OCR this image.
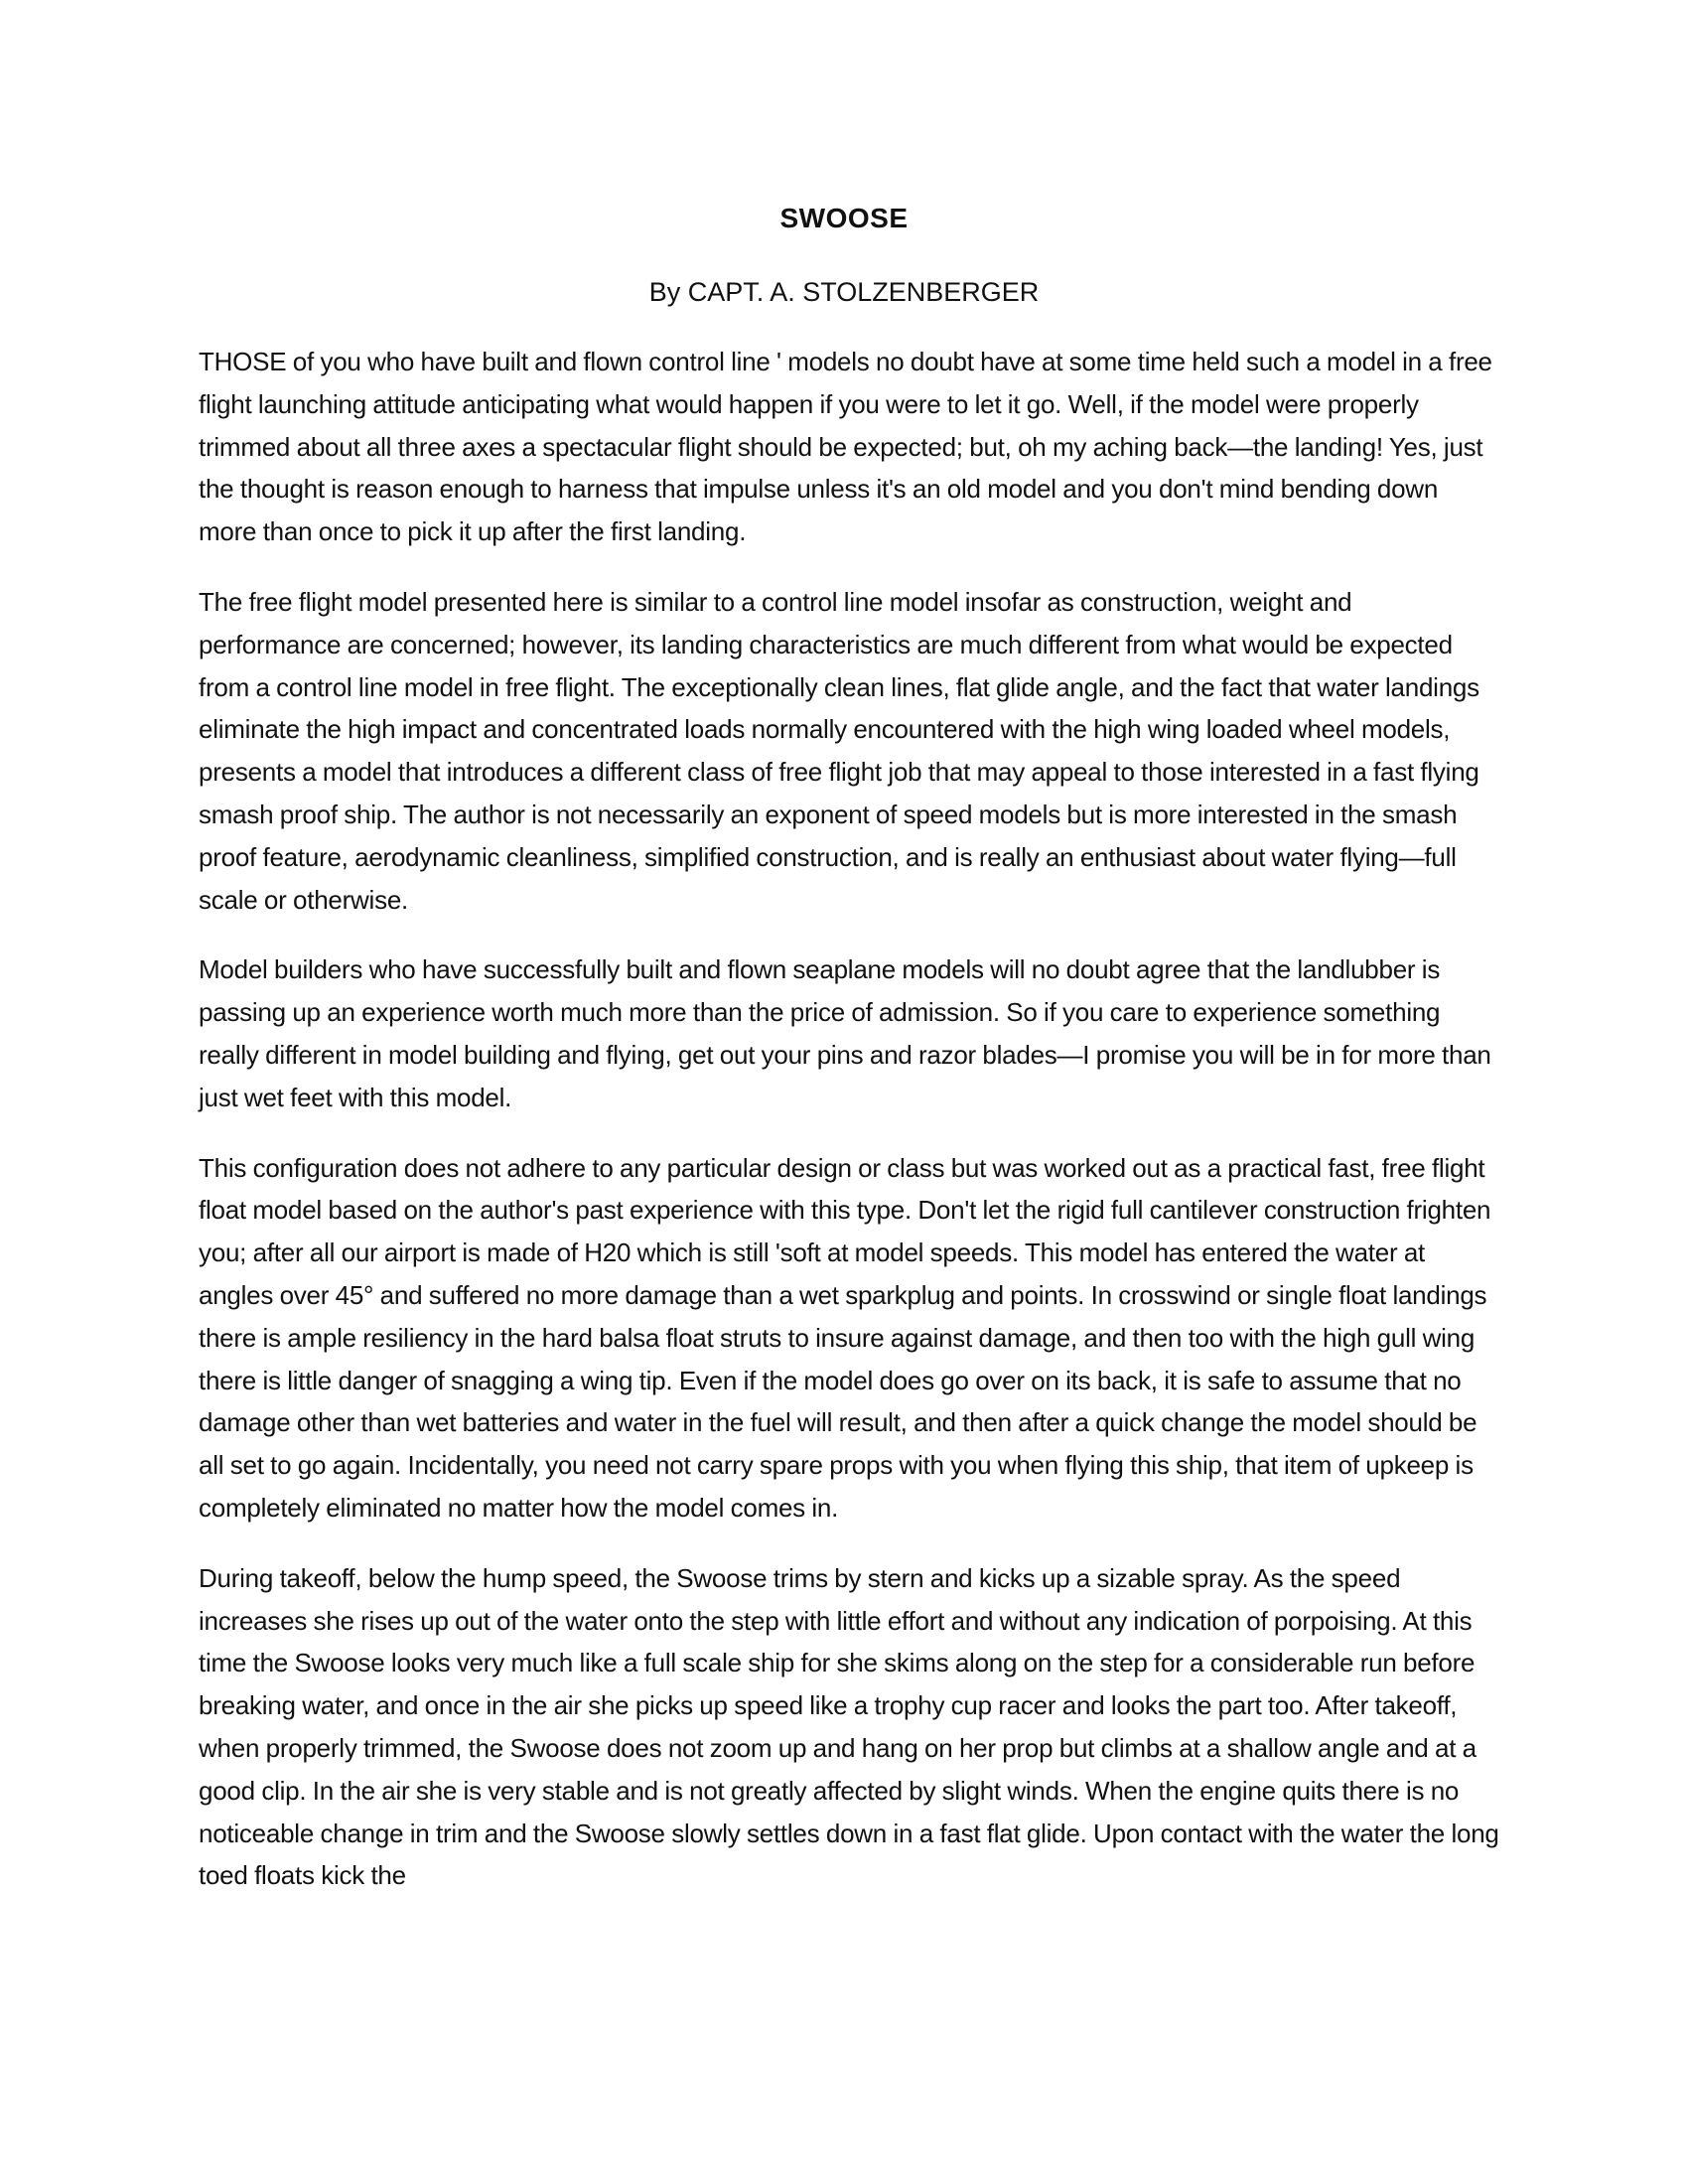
SWOOSE
By CAPT. A. STOLZENBERGER

THOSE of you who have built and flown control line ' models no doubt have at some time held such a model in a free flight launching attitude anticipating what would happen if you were to let it go. Well, if the model were properly trimmed about all three axes a spectacular flight should be expected; but, oh my aching back—the landing! Yes, just the thought is reason enough to harness that impulse unless it's an old model and you don't mind bending down more than once to pick it up after the first landing.

The free flight model presented here is similar to a control line model insofar as construction, weight and performance are concerned; however, its landing characteristics are much different from what would be expected from a control line model in free flight. The exceptionally clean lines, flat glide angle, and the fact that water landings eliminate the high impact and concentrated loads normally encountered with the high wing loaded wheel models, presents a model that introduces a different class of free flight job that may appeal to those interested in a fast flying smash proof ship. The author is not necessarily an exponent of speed models but is more interested in the smash proof feature, aerodynamic cleanliness, simplified construction, and is really an enthusiast about water flying—full scale or otherwise.

Model builders who have successfully built and flown seaplane models will no doubt agree that the landlubber is passing up an experience worth much more than the price of admission. So if you care to experience something really different in model building and flying, get out your pins and razor blades—I promise you will be in for more than just wet feet with this model.

This configuration does not adhere to any particular design or class but was worked out as a practical fast, free flight float model based on the author's past experience with this type. Don't let the rigid full cantilever construction frighten you; after all our airport is made of H20 which is still 'soft at model speeds. This model has entered the water at angles over 45° and suffered no more damage than a wet sparkplug and points. In crosswind or single float landings there is ample resiliency in the hard balsa float struts to insure against damage, and then too with the high gull wing there is little danger of snagging a wing tip. Even if the model does go over on its back, it is safe to assume that no damage other than wet batteries and water in the fuel will result, and then after a quick change the model should be all set to go again. Incidentally, you need not carry spare props with you when flying this ship, that item of upkeep is completely eliminated no matter how the model comes in.

During takeoff, below the hump speed, the Swoose trims by stern and kicks up a sizable spray. As the speed increases she rises up out of the water onto the step with little effort and without any indication of porpoising. At this time the Swoose looks very much like a full scale ship for she skims along on the step for a considerable run before breaking water, and once in the air she picks up speed like a trophy cup racer and looks the part too. After takeoff, when properly trimmed, the Swoose does not zoom up and hang on her prop but climbs at a shallow angle and at a good clip. In the air she is very stable and is not greatly affected by slight winds. When the engine quits there is no noticeable change in trim and the Swoose slowly settles down in a fast flat glide. Upon contact with the water the long toed floats kick the
